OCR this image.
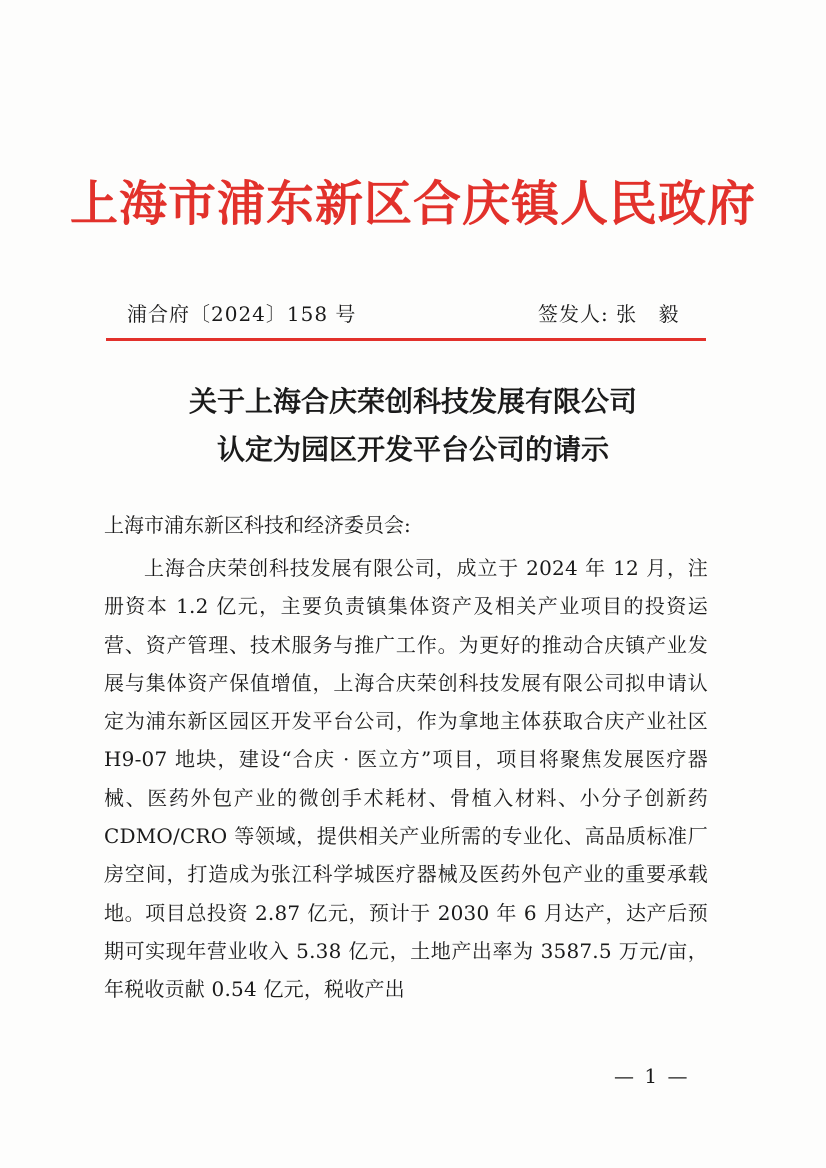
上海市浦东新区合庆镇人民政府
浦合府〔2024〕158 号	签发人: 张 毅
关于上海合庆荣创科技发展有限公司
认定为园区开发平台公司的请示
上海市浦东新区科技和经济委员会:
上海合庆荣创科技发展有限公司，成立于 2024 年 12 月，注册资本 1.2 亿元，主要负责镇集体资产及相关产业项目的投资运营、资产管理、技术服务与推广工作。为更好的推动合庆镇产业发展与集体资产保值增值，上海合庆荣创科技发展有限公司拟申请认定为浦东新区园区开发平台公司，作为拿地主体获取合庆产业社区 H9-07 地块，建设“合庆 · 医立方”项目，项目将聚焦发展医疗器械、医药外包产业的微创手术耗材、骨植入材料、小分子创新药 CDMO/CRO 等领域，提供相关产业所需的专业化、高品质标准厂房空间，打造成为张江科学城医疗器械及医药外包产业的重要承载地。项目总投资 2.87 亿元，预计于 2030 年 6 月达产，达产后预期可实现年营业收入 5.38 亿元，土地产出率为 3587.5 万元/亩，年税收贡献 0.54 亿元，税收产出
— 1 —
